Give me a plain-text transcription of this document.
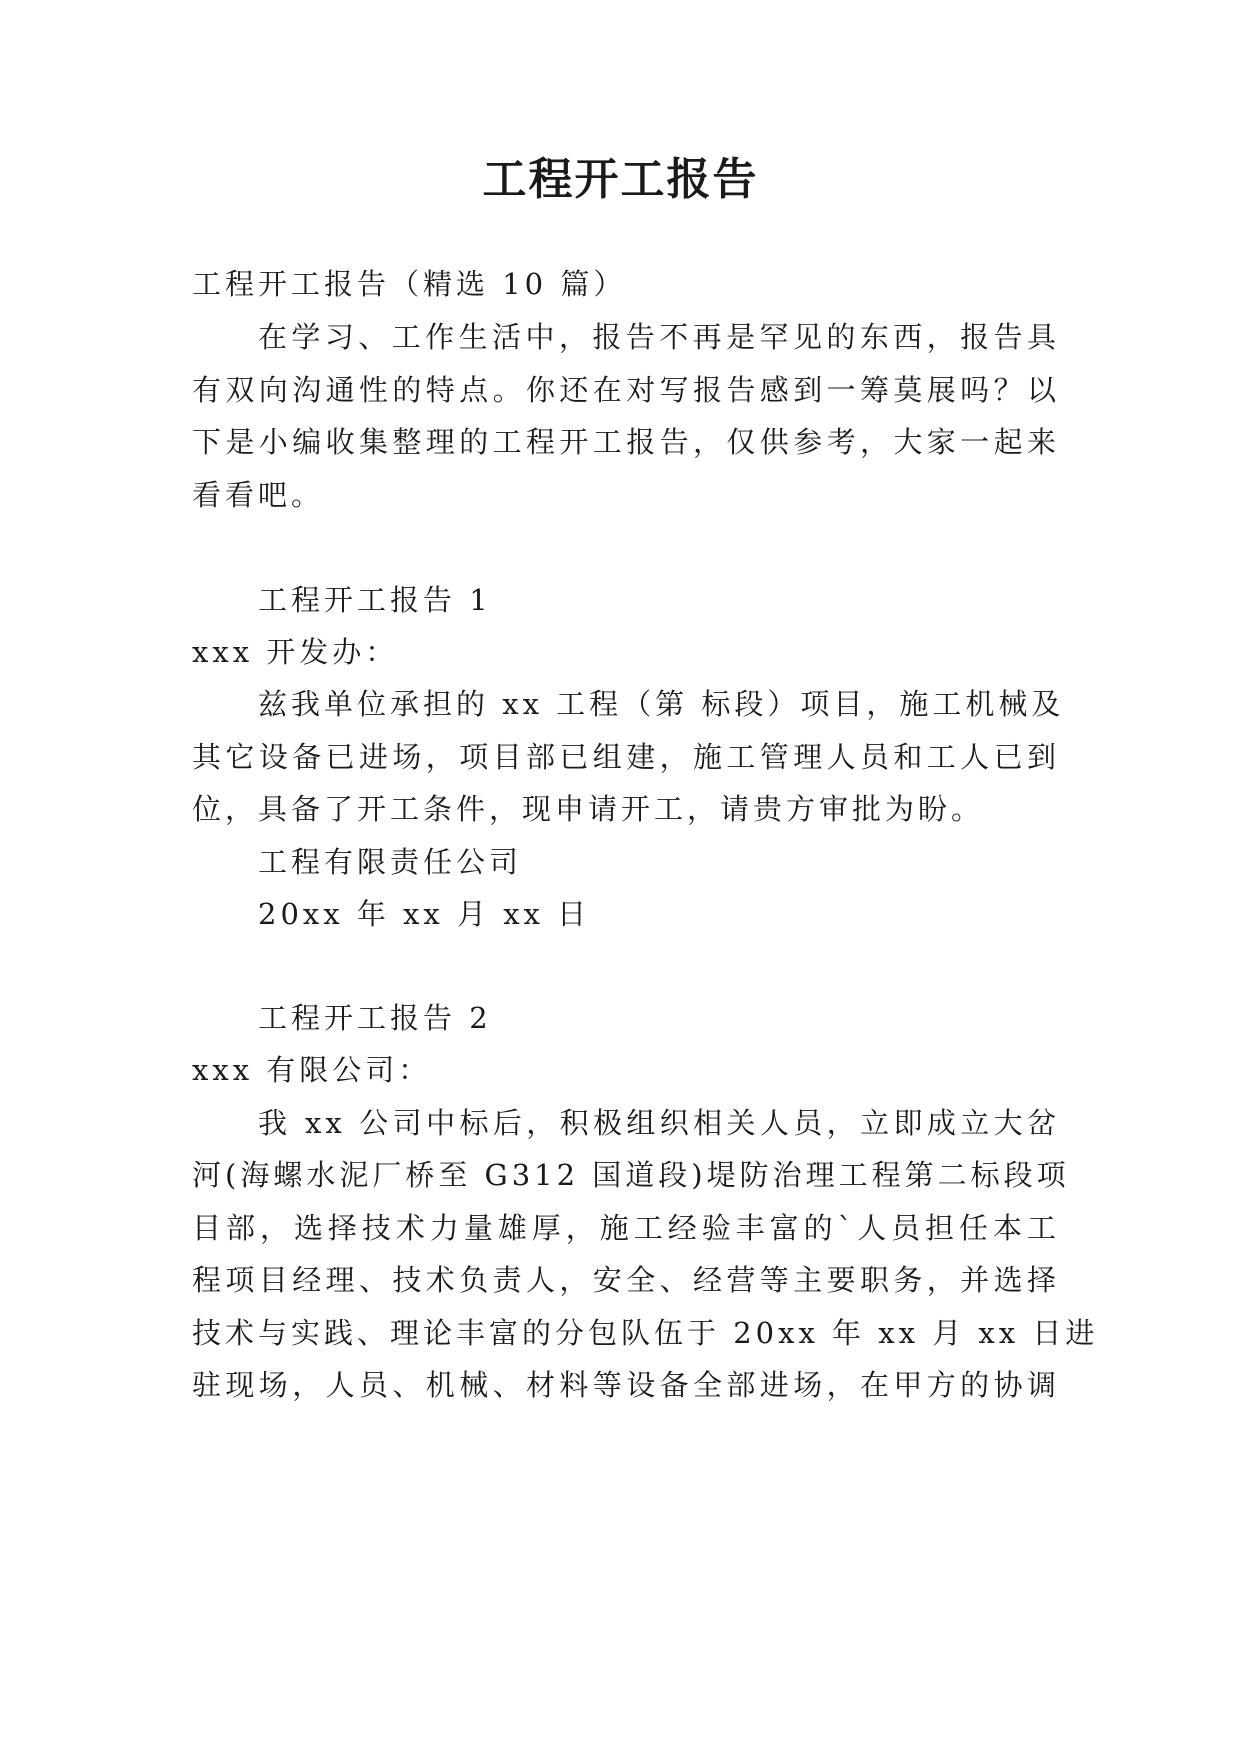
工程开工报告

工程开工报告（精选 10 篇）

在学习、工作生活中，报告不再是罕见的东西，报告具

有双向沟通性的特点。你还在对写报告感到一筹莫展吗？以

下是小编收集整理的工程开工报告，仅供参考，大家一起来

看看吧。

工程开工报告 1

xxx 开发办：

兹我单位承担的 xx 工程（第 标段）项目，施工机械及

其它设备已进场，项目部已组建，施工管理人员和工人已到

位，具备了开工条件，现申请开工，请贵方审批为盼。

工程有限责任公司

20xx 年 xx 月 xx 日

工程开工报告 2

xxx 有限公司：

我 xx 公司中标后，积极组织相关人员，立即成立大岔

河(海螺水泥厂桥至 G312 国道段)堤防治理工程第二标段项

目部，选择技术力量雄厚，施工经验丰富的`人员担任本工

程项目经理、技术负责人，安全、经营等主要职务，并选择

技术与实践、理论丰富的分包队伍于 20xx 年 xx 月 xx 日进

驻现场，人员、机械、材料等设备全部进场，在甲方的协调
